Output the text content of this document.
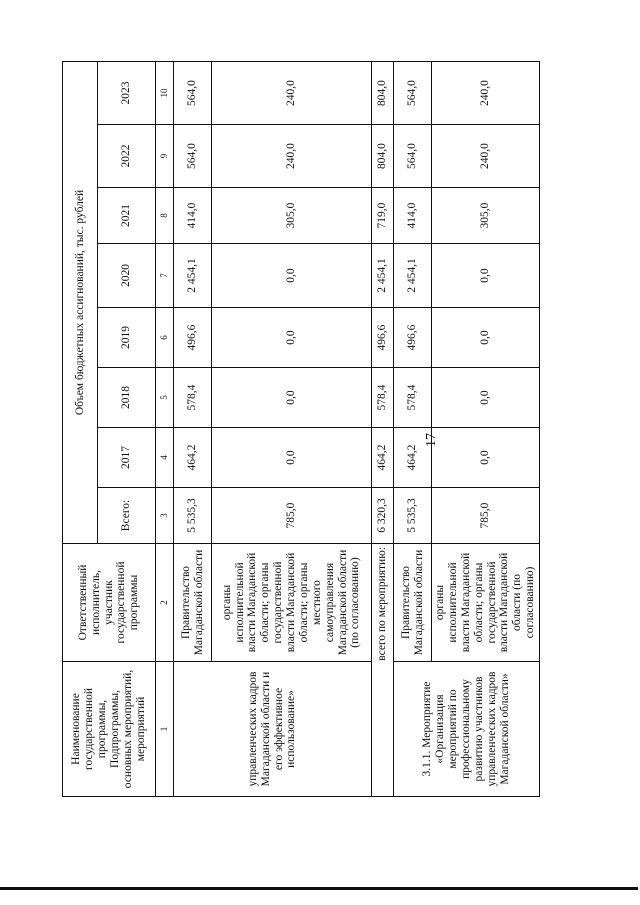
17
Наименование государственной программы, Подпрограммы, основных мероприятий, мероприятий	Ответственный исполнитель, участник государственной программы	Объем бюджетных ассигнований, тыс. рублей							
		Всего:	2017	2018	2019	2020	2021	2022	2023
1	2	3	4	5	6	7	8	9	10
управленческих кадров Магаданской области и его эффективное использование»	Правительство Магаданской области	5 535,3	464,2	578,4	496,6	2 454,1	414,0	564,0	564,0
	органы исполнительной власти Магаданской области; органы государственной власти Магаданской области; органы местного самоуправления Магаданской области (по согласованию)	785,0	0,0	0,0	0,0	0,0	305,0	240,0	240,0
всего по мероприятию:		6 320,3	464,2	578,4	496,6	2 454,1	719,0	804,0	804,0
3.1.1. Мероприятие «Организация мероприятий по профессиональному развитию участников управленческих кадров Магаданской области»	Правительство Магаданской области	5 535,3	464,2	578,4	496,6	2 454,1	414,0	564,0	564,0
	органы исполнительной власти Магаданской области; органы государственной власти Магаданской области (по согласованию)	785,0	0,0	0,0	0,0	0,0	305,0	240,0	240,0
